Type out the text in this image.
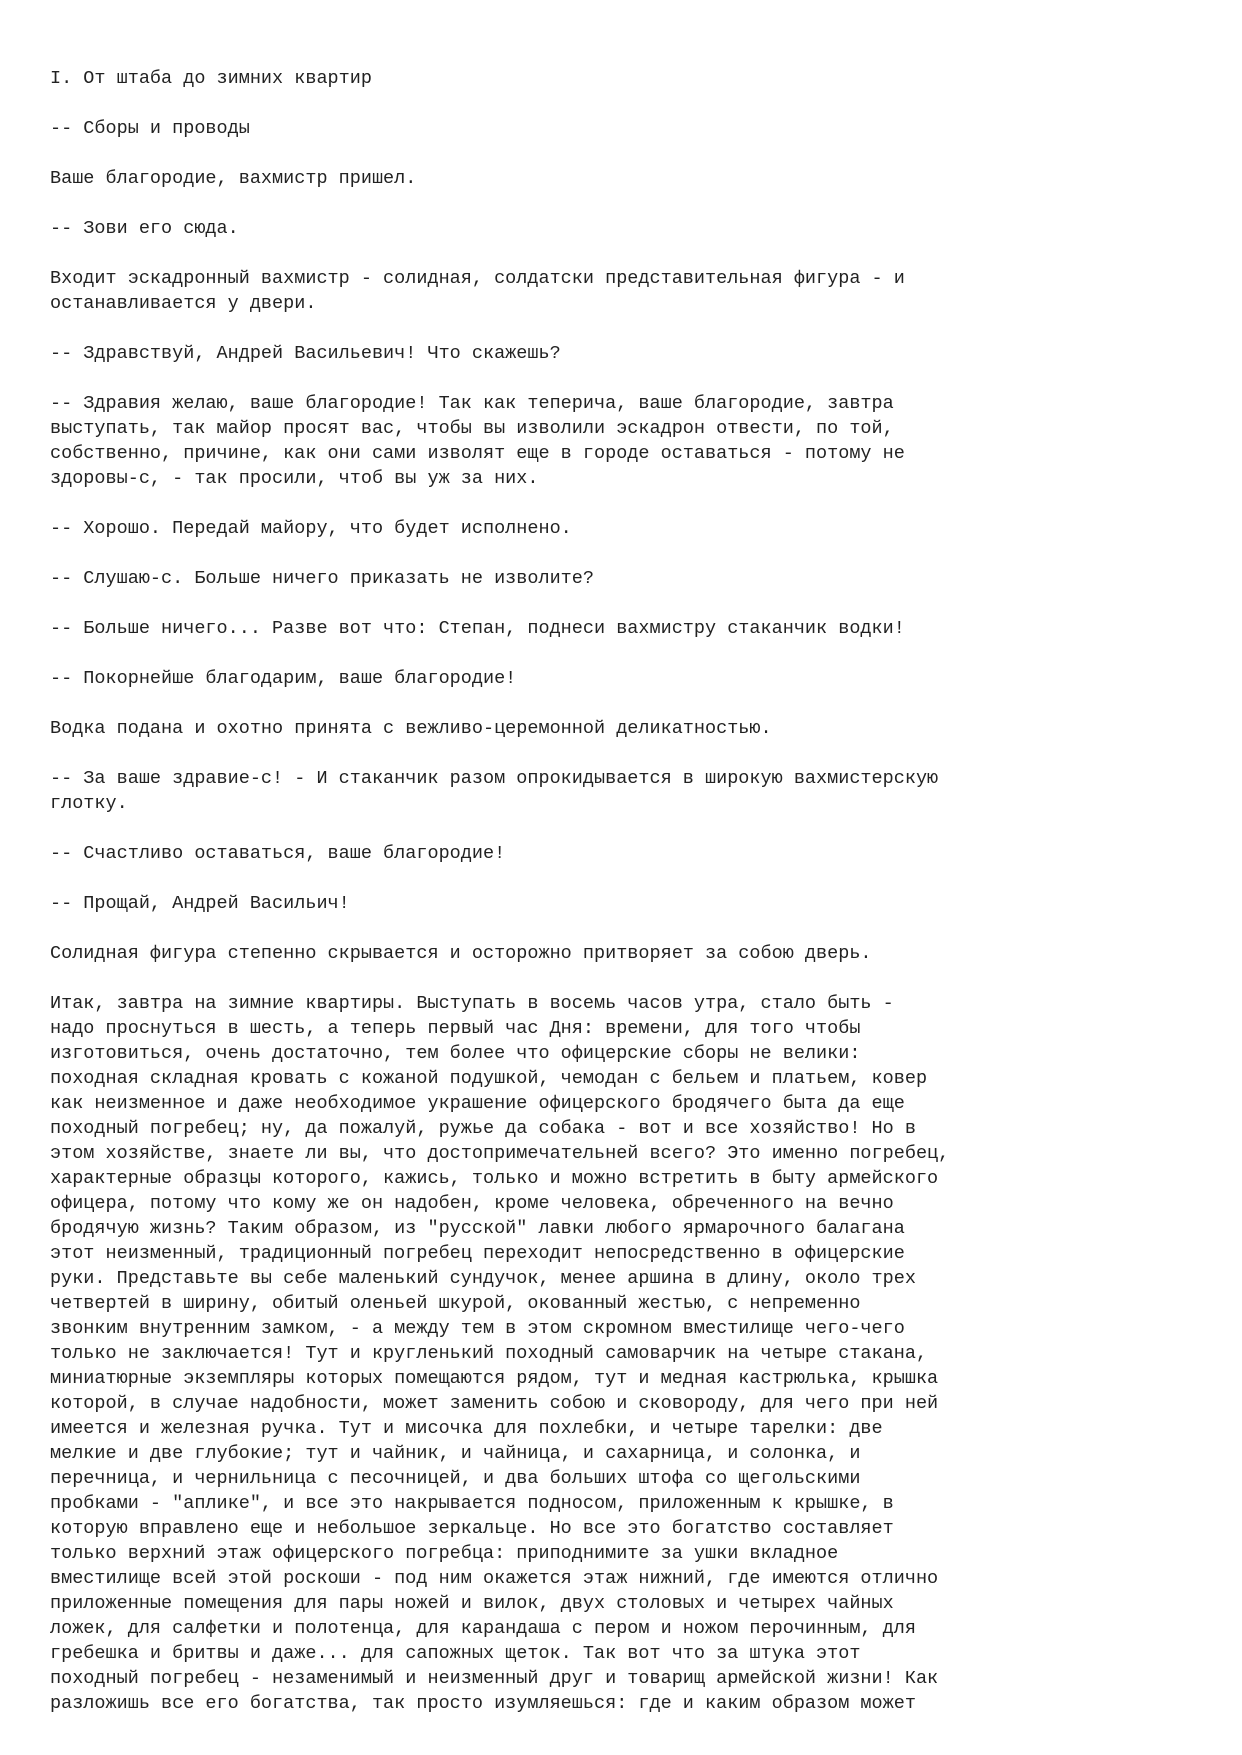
I. От штаба до зимних квартир
-- Сборы и проводы
Ваше благородие, вахмистр пришел.
-- Зови его сюда.
Входит эскадронный вахмистр - солидная, солдатски представительная фигура - и
останавливается у двери.
-- Здравствуй, Андрей Васильевич! Что скажешь?
-- Здравия желаю, ваше благородие! Так как теперича, ваше благородие, завтра
выступать, так майор просят вас, чтобы вы изволили эскадрон отвести, по той,
собственно, причине, как они сами изволят еще в городе оставаться - потому не
здоровы-с, - так просили, чтоб вы уж за них.
-- Хорошо. Передай майору, что будет исполнено.
-- Слушаю-с. Больше ничего приказать не изволите?
-- Больше ничего... Разве вот что: Степан, поднеси вахмистру стаканчик водки!
-- Покорнейше благодарим, ваше благородие!
Водка подана и охотно принята с вежливо-церемонной деликатностью.
-- За ваше здравие-с! - И стаканчик разом опрокидывается в широкую вахмистерскую
глотку.
-- Счастливо оставаться, ваше благородие!
-- Прощай, Андрей Васильич!
Солидная фигура степенно скрывается и осторожно притворяет за собою дверь.
Итак, завтра на зимние квартиры. Выступать в восемь часов утра, стало быть -
надо проснуться в шесть, а теперь первый час Дня: времени, для того чтобы
изготовиться, очень достаточно, тем более что офицерские сборы не велики:
походная складная кровать с кожаной подушкой, чемодан с бельем и платьем, ковер
как неизменное и даже необходимое украшение офицерского бродячего быта да еще
походный погребец; ну, да пожалуй, ружье да собака - вот и все хозяйство! Но в
этом хозяйстве, знаете ли вы, что достопримечательней всего? Это именно погребец,
характерные образцы которого, кажись, только и можно встретить в быту армейского
офицера, потому что кому же он надобен, кроме человека, обреченного на вечно
бродячую жизнь? Таким образом, из "русской" лавки любого ярмарочного балагана
этот неизменный, традиционный погребец переходит непосредственно в офицерские
руки. Представьте вы себе маленький сундучок, менее аршина в длину, около трех
четвертей в ширину, обитый оленьей шкурой, окованный жестью, с непременно
звонким внутренним замком, - а между тем в этом скромном вместилище чего-чего
только не заключается! Тут и кругленький походный самоварчик на четыре стакана,
миниатюрные экземпляры которых помещаются рядом, тут и медная кастрюлька, крышка
которой, в случае надобности, может заменить собою и сковороду, для чего при ней
имеется и железная ручка. Тут и мисочка для похлебки, и четыре тарелки: две
мелкие и две глубокие; тут и чайник, и чайница, и сахарница, и солонка, и
перечница, и чернильница с песочницей, и два больших штофа со щегольскими
пробками - "аплике", и все это накрывается подносом, приложенным к крышке, в
которую вправлено еще и небольшое зеркальце. Но все это богатство составляет
только верхний этаж офицерского погребца: приподнимите за ушки вкладное
вместилище всей этой роскоши - под ним окажется этаж нижний, где имеются отлично
приложенные помещения для пары ножей и вилок, двух столовых и четырех чайных
ложек, для салфетки и полотенца, для карандаша с пером и ножом перочинным, для
гребешка и бритвы и даже... для сапожных щеток. Так вот что за штука этот
походный погребец - незаменимый и неизменный друг и товарищ армейской жизни! Как
разложишь все его богатства, так просто изумляешься: где и каким образом может
